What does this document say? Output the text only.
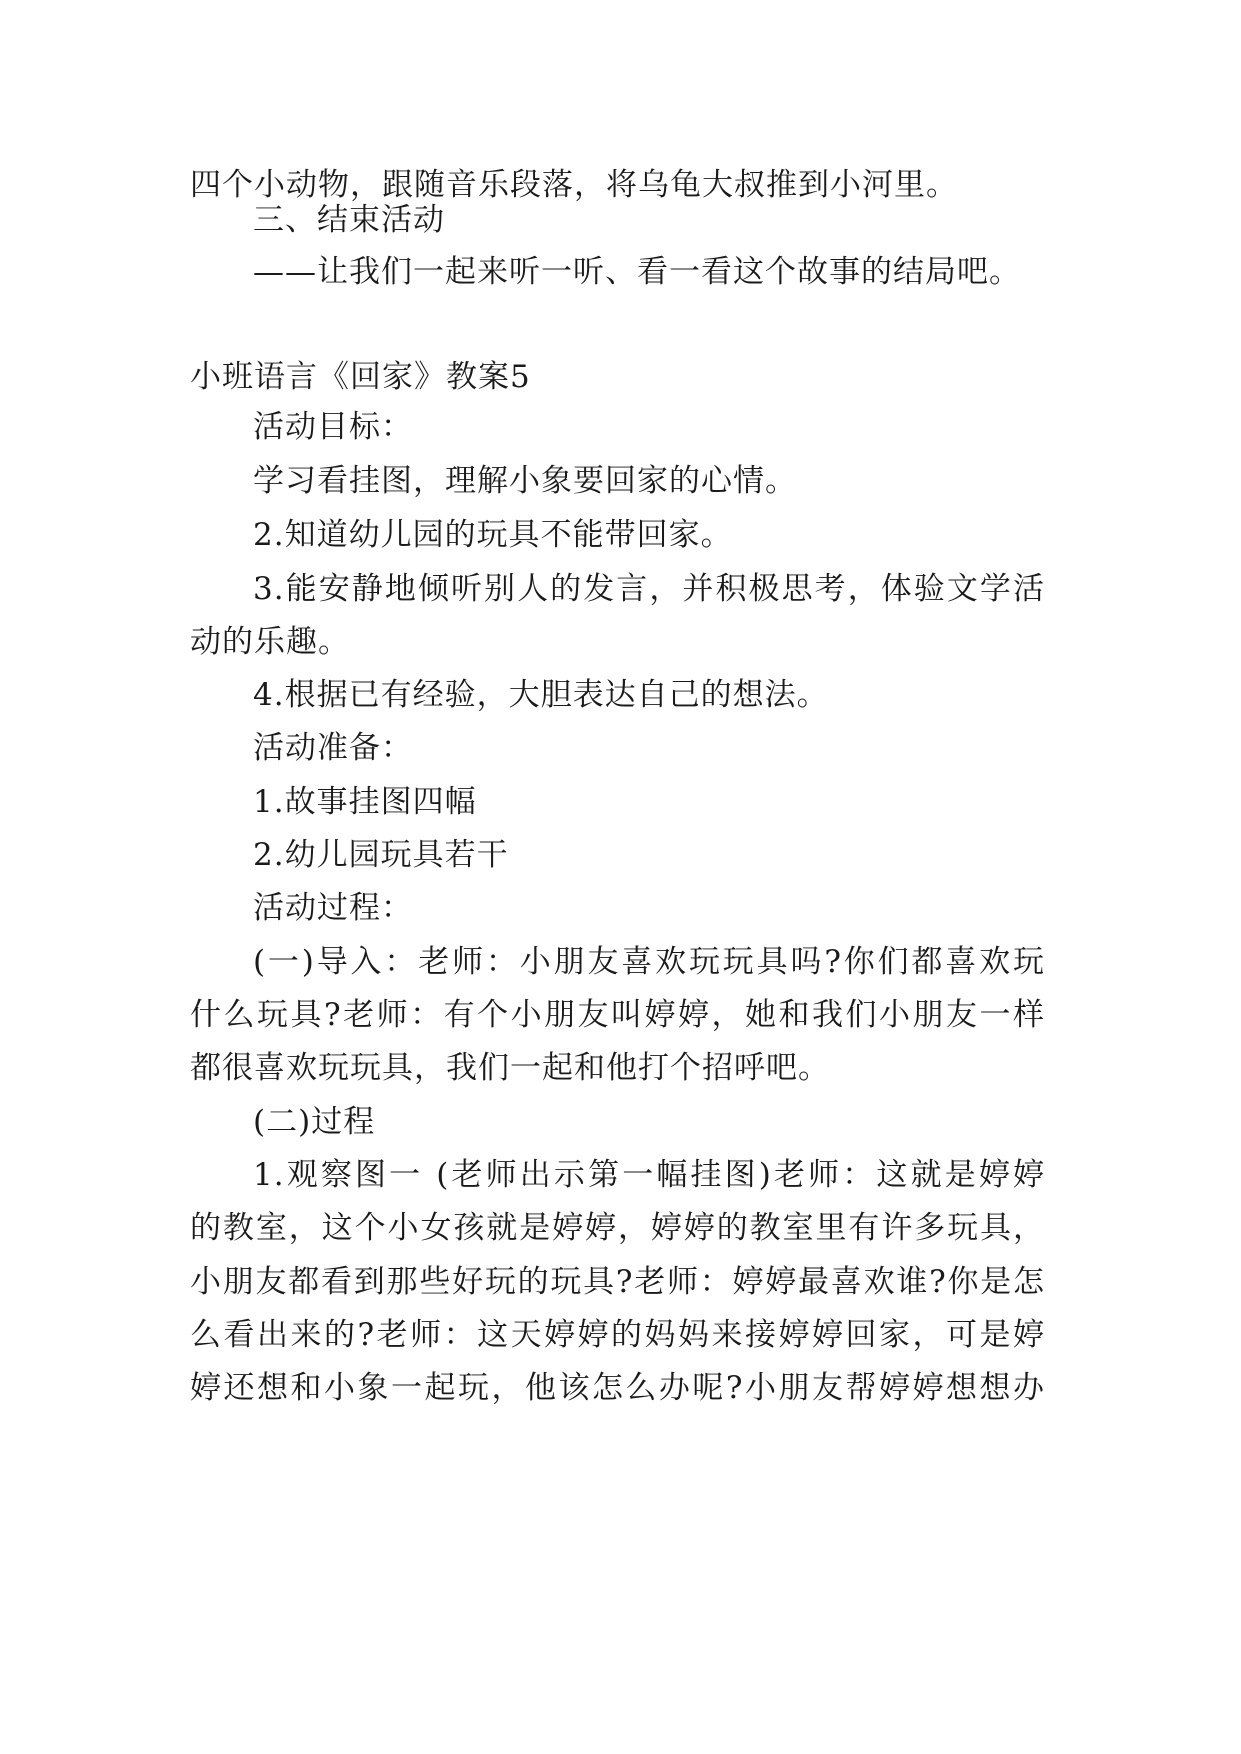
四个小动物，跟随音乐段落，将乌龟大叔推到小河里。
三、结束活动
——让我们一起来听一听、看一看这个故事的结局吧。
小班语言《回家》教案5
活动目标：
学习看挂图，理解小象要回家的心情。
2.知道幼儿园的玩具不能带回家。
3.能安静地倾听别人的发言，并积极思考，体验文学活
动的乐趣。
4.根据已有经验，大胆表达自己的想法。
活动准备：
1.故事挂图四幅
2.幼儿园玩具若干
活动过程：
(一)导入：老师：小朋友喜欢玩玩具吗?你们都喜欢玩
什么玩具?老师：有个小朋友叫婷婷，她和我们小朋友一样
都很喜欢玩玩具，我们一起和他打个招呼吧。
(二)过程
1.观察图一 (老师出示第一幅挂图)老师：这就是婷婷
的教室，这个小女孩就是婷婷，婷婷的教室里有许多玩具，
小朋友都看到那些好玩的玩具?老师：婷婷最喜欢谁?你是怎
么看出来的?老师：这天婷婷的妈妈来接婷婷回家，可是婷
婷还想和小象一起玩，他该怎么办呢?小朋友帮婷婷想想办
